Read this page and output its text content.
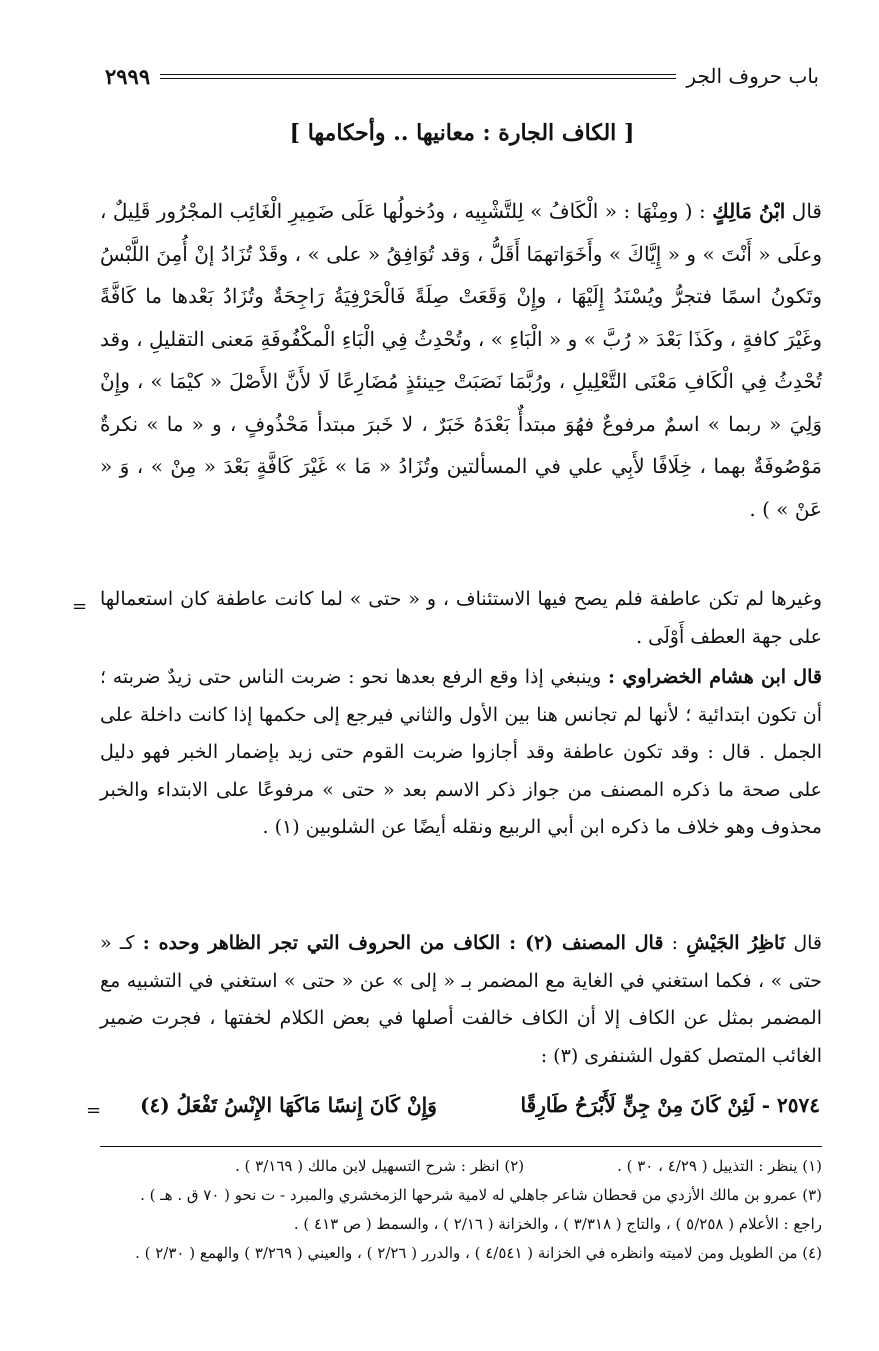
باب حروف الجر
٢٩٩٩
[ الكاف الجارة : معانيها .. وأحكامها ]
قال ابْنُ مَالِكٍ : ( ومِنْهَا : « الْكَافُ » لِلتَّشْبِيه ، ودُخولُها عَلَى ضَمِيرِ الْغَائِب المجْرُور قَلِيلٌ ، وعلَى « أَنْتَ » و « إِيَّاكَ » وأَخَوَاتهمَا أَقَلُّ ، وَقد تُوَافِقُ « على » ، وقَدْ تُزَادُ إنْ أُمِنَ اللَّبْسُ وتَكونُ اسمًا فتجرُّ ويُسْنَدُ إِلَيْهَا ، وإِنْ وَقَعَتْ صِلَةً فَالْحَرْفِيَةُ رَاجِحَةٌ وتُزَادُ بَعْدها ما كَافَّةً وغَيْرَ كافةٍ ، وكَذَا بَعْدَ « رُبَّ » و « الْبَاءِ » ، وتُحْدِثُ فِي الْبَاءِ الْمكْفُوفَةِ مَعنى التقليلِ ، وقد تُحْدِثُ فِي الْكَافِ مَعْنَى التَّعْلِيلِ ، ورُبَّمَا نَصَبَتْ حِينئذٍ مُضَارِعًا لَا لأَنَّ الأَصْلَ « كيْمَا » ، وإِنْ وَلِيَ « ربما » اسمٌ مرفوعٌ فهُوَ مبتدأٌ بَعْدَهُ خَبَرٌ ، لا خَبرَ مبتدأ مَحْذُوفٍ ، و « ما » نكرةٌ مَوْصُوفَةٌ بهما ، خِلَافًا لأَبِي علي في المسألتين وتُزَادُ « مَا » غَيْرَ كَافَّةٍ بَعْدَ « مِنْ » ، وَ « عَنْ » ) .
= وغيرها لم تكن عاطفة فلم يصح فيها الاستئناف ، و « حتى » لما كانت عاطفة كان استعمالها على جهة العطف أَوْلَى .
قال ابن هشام الخضراوي : وينبغي إذا وقع الرفع بعدها نحو : ضربت الناس حتى زيدٌ ضربته ؛ أن تكون ابتدائية ؛ لأنها لم تجانس هنا بين الأول والثاني فيرجع إلى حكمها إذا كانت داخلة على الجمل . قال : وقد تكون عاطفة وقد أجازوا ضربت القوم حتى زيد بإضمار الخبر فهو دليل على صحة ما ذكره المصنف من جواز ذكر الاسم بعد « حتى » مرفوعًا على الابتداء والخبر محذوف وهو خلاف ما ذكره ابن أبي الربيع ونقله أيضًا عن الشلوبين (١) .
قال نَاظِرُ الجَيْشِ : قال المصنف (٢) : الكاف من الحروف التي تجر الظاهر وحده : كـ « حتى » ، فكما استغني في الغاية مع المضمر بـ « إلى » عن « حتى » استغني في التشبيه مع المضمر بمثل عن الكاف إلا أن الكاف خالفت أصلها في بعض الكلام لخفتها ، فجرت ضمير الغائب المتصل كقول الشنفرى (٣) :
٢٥٧٤ - لَئِنْ كَانَ مِنْ جِنٍّ لَأَبْرَحُ طَارِقًا
وَإِنْ كَانَ إِنسًا مَاكَهَا الإِنْسُ تَفْعَلُ (٤)
=
(١) ينظر : التذييل ( ٤/٢٩ ، ٣٠ ) .
(٢) انظر : شرح التسهيل لابن مالك ( ٣/١٦٩ ) .
(٣) عمرو بن مالك الأزدي من قحطان شاعر جاهلي له لامية شرحها الزمخشري والمبرد - ت نحو ( ٧٠ ق . هـ ) .
راجع : الأعلام ( ٥/٢٥٨ ) ، والتاج ( ٣/٣١٨ ) ، والخزانة ( ٢/١٦ ) ، والسمط ( ص ٤١٣ ) .
(٤) من الطويل ومن لاميته وانظره في الخزانة ( ٤/٥٤١ ) ، والدرر ( ٢/٢٦ ) ، والعيني ( ٣/٢٦٩ ) والهمع ( ٢/٣٠ ) .
